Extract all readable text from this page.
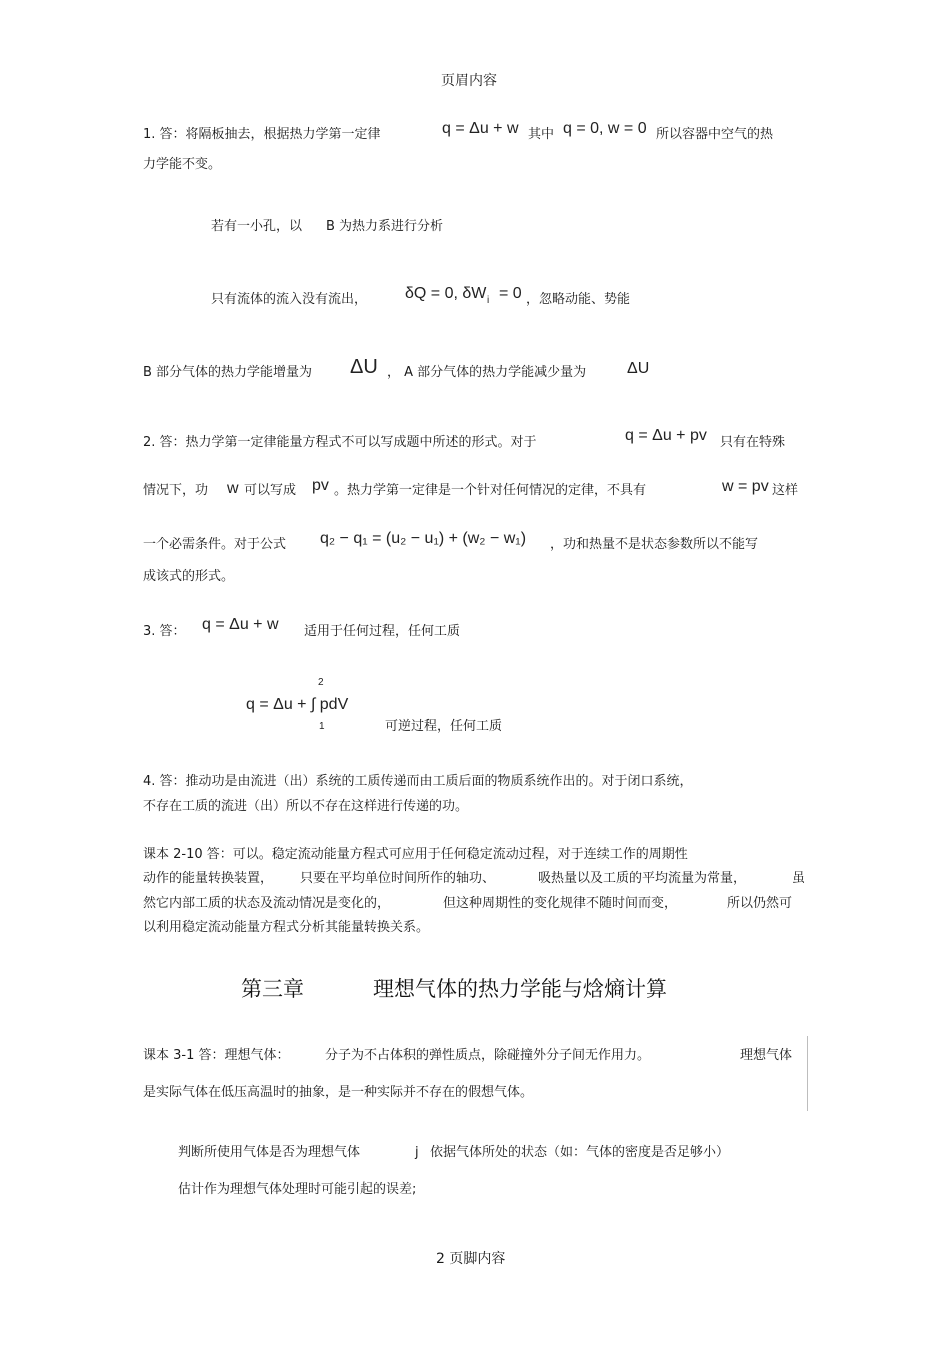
页眉内容
1. 答：将隔板抽去，根据热力学第一定律	q = Δu + w 其中 q = 0, w = 0 所以容器中空气的热
力学能不变。
若有一小孔，以 B 为热力系进行分析
只有流体的流入没有流出， δQ = 0, δW i = 0 ，忽略动能、势能
B 部分气体的热力学能增量为 ΔU ， A 部分气体的热力学能减少量为	ΔU
2. 答：热力学第一定律能量方程式不可以写成题中所述的形式。对于	q = Δu + pv 只有在特殊
情况下，功 w 可以写成 pv 。热力学第一定律是一个针对任何情况的定律，不具有	w = pv 这样
一个必需条件。对于公式 q₂ − q₁ = (u₂ − u₁) + (w₂ − w₁) ，功和热量不是状态参数所以不能写
成该式的形式。
3. 答： q = Δu + w 适用于任何过程，任何工质
2
q = Δu + ∫ pdV
1	可逆过程，任何工质
4. 答：推动功是由流进（出）系统的工质传递而由工质后面的物质系统作出的。对于闭口系统，
不存在工质的流进（出）所以不存在这样进行传递的功。
课本 2-10 答：可以。稳定流动能量方程式可应用于任何稳定流动过程，对于连续工作的周期性
动作的能量转换装置， 只要在平均单位时间所作的轴功、	吸热量以及工质的平均流量为常量，	虽
然它内部工质的状态及流动情况是变化的，	但这种周期性的变化规律不随时间而变，	所以仍然可
以利用稳定流动能量方程式分析其能量转换关系。
第三章	理想气体的热力学能与焓熵计算
课本 3-1 答：理想气体：	分子为不占体积的弹性质点，除碰撞外分子间无作用力。	理想气体
是实际气体在低压高温时的抽象，是一种实际并不存在的假想气体。
判断所使用气体是否为理想气体	j 依据气体所处的状态（如：气体的密度是否足够小）
估计作为理想气体处理时可能引起的误差;
2 页脚内容
